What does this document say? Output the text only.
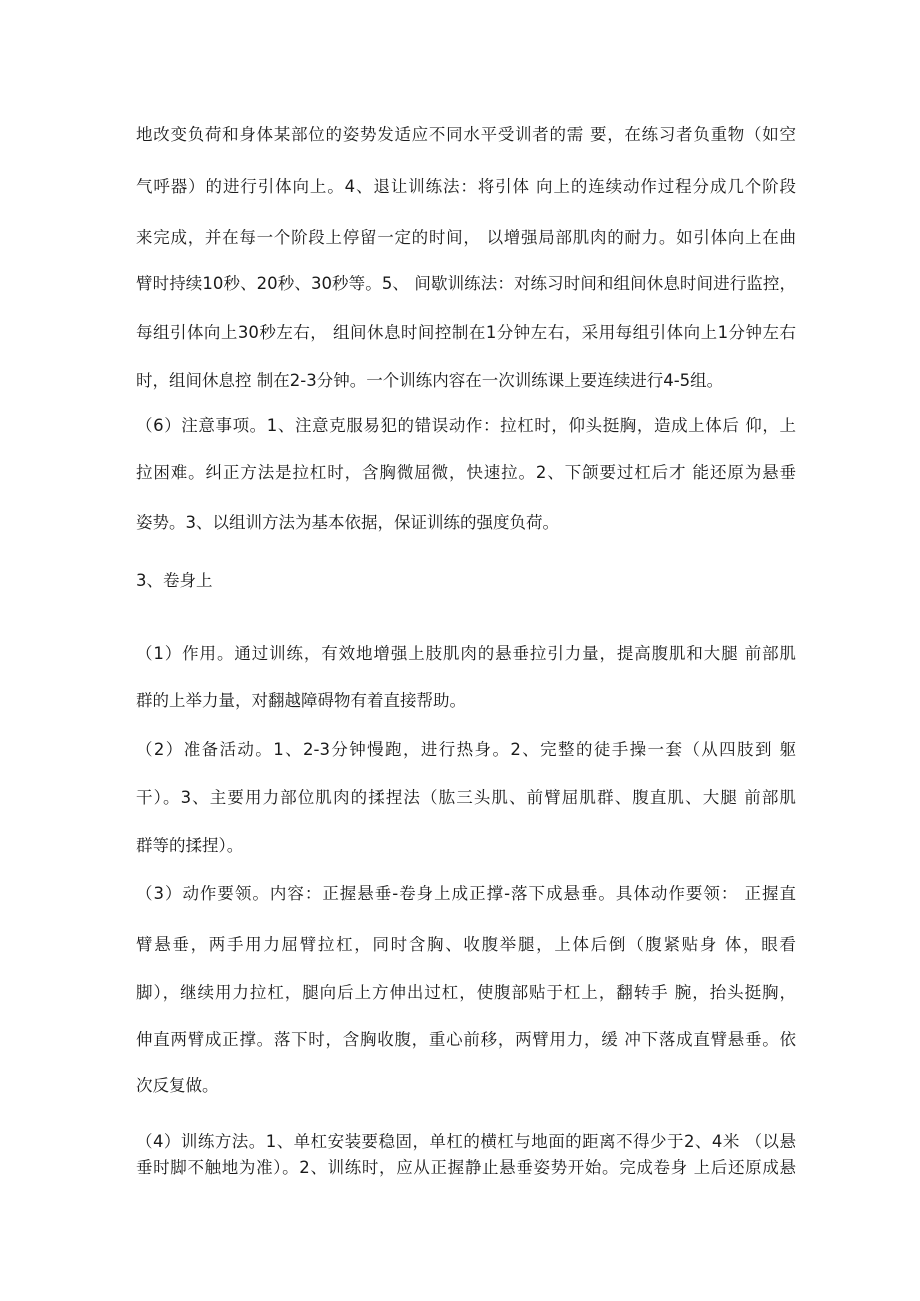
地改变负荷和身体某部位的姿势发适应不同水平受训者的需 要，在练习者负重物（如空
气呼器）的进行引体向上。4、退让训练法：将引体 向上的连续动作过程分成几个阶段
来完成，并在每一个阶段上停留一定的时间， 以增强局部肌肉的耐力。如引体向上在曲
臂时持续10秒、20秒、30秒等。5、 间歇训练法：对练习时间和组间休息时间进行监控，
每组引体向上30秒左右， 组间休息时间控制在1分钟左右，采用每组引体向上1分钟左右
时，组间休息控 制在2-3分钟。一个训练内容在一次训练课上要连续进行4-5组。
（6）注意事项。1、注意克服易犯的错误动作：拉杠时，仰头挺胸，造成上体后 仰，上
拉困难。纠正方法是拉杠时，含胸微屈微，快速拉。2、下颌要过杠后才 能还原为悬垂
姿势。3、以组训方法为基本依据，保证训练的强度负荷。
3、卷身上
（1）作用。通过训练，有效地增强上肢肌肉的悬垂拉引力量，提高腹肌和大腿 前部肌
群的上举力量，对翻越障碍物有着直接帮助。
（2）准备活动。1、2-3分钟慢跑，进行热身。2、完整的徒手操一套（从四肢到 躯
干）。3、主要用力部位肌肉的揉捏法（肱三头肌、前臂屈肌群、腹直肌、大腿 前部肌
群等的揉捏）。
（3）动作要领。内容：正握悬垂-卷身上成正撑-落下成悬垂。具体动作要领： 正握直
臂悬垂，两手用力屈臂拉杠，同时含胸、收腹举腿，上体后倒（腹紧贴身 体，眼看
脚），继续用力拉杠，腿向后上方伸出过杠，使腹部贴于杠上，翻转手 腕，抬头挺胸，
伸直两臂成正撑。落下时，含胸收腹，重心前移，两臂用力，缓 冲下落成直臂悬垂。依
次反复做。
（4）训练方法。1、单杠安装要稳固，单杠的横杠与地面的距离不得少于2、4米 （以悬
垂时脚不触地为准）。2、训练时，应从正握静止悬垂姿势开始。完成卷身 上后还原成悬
